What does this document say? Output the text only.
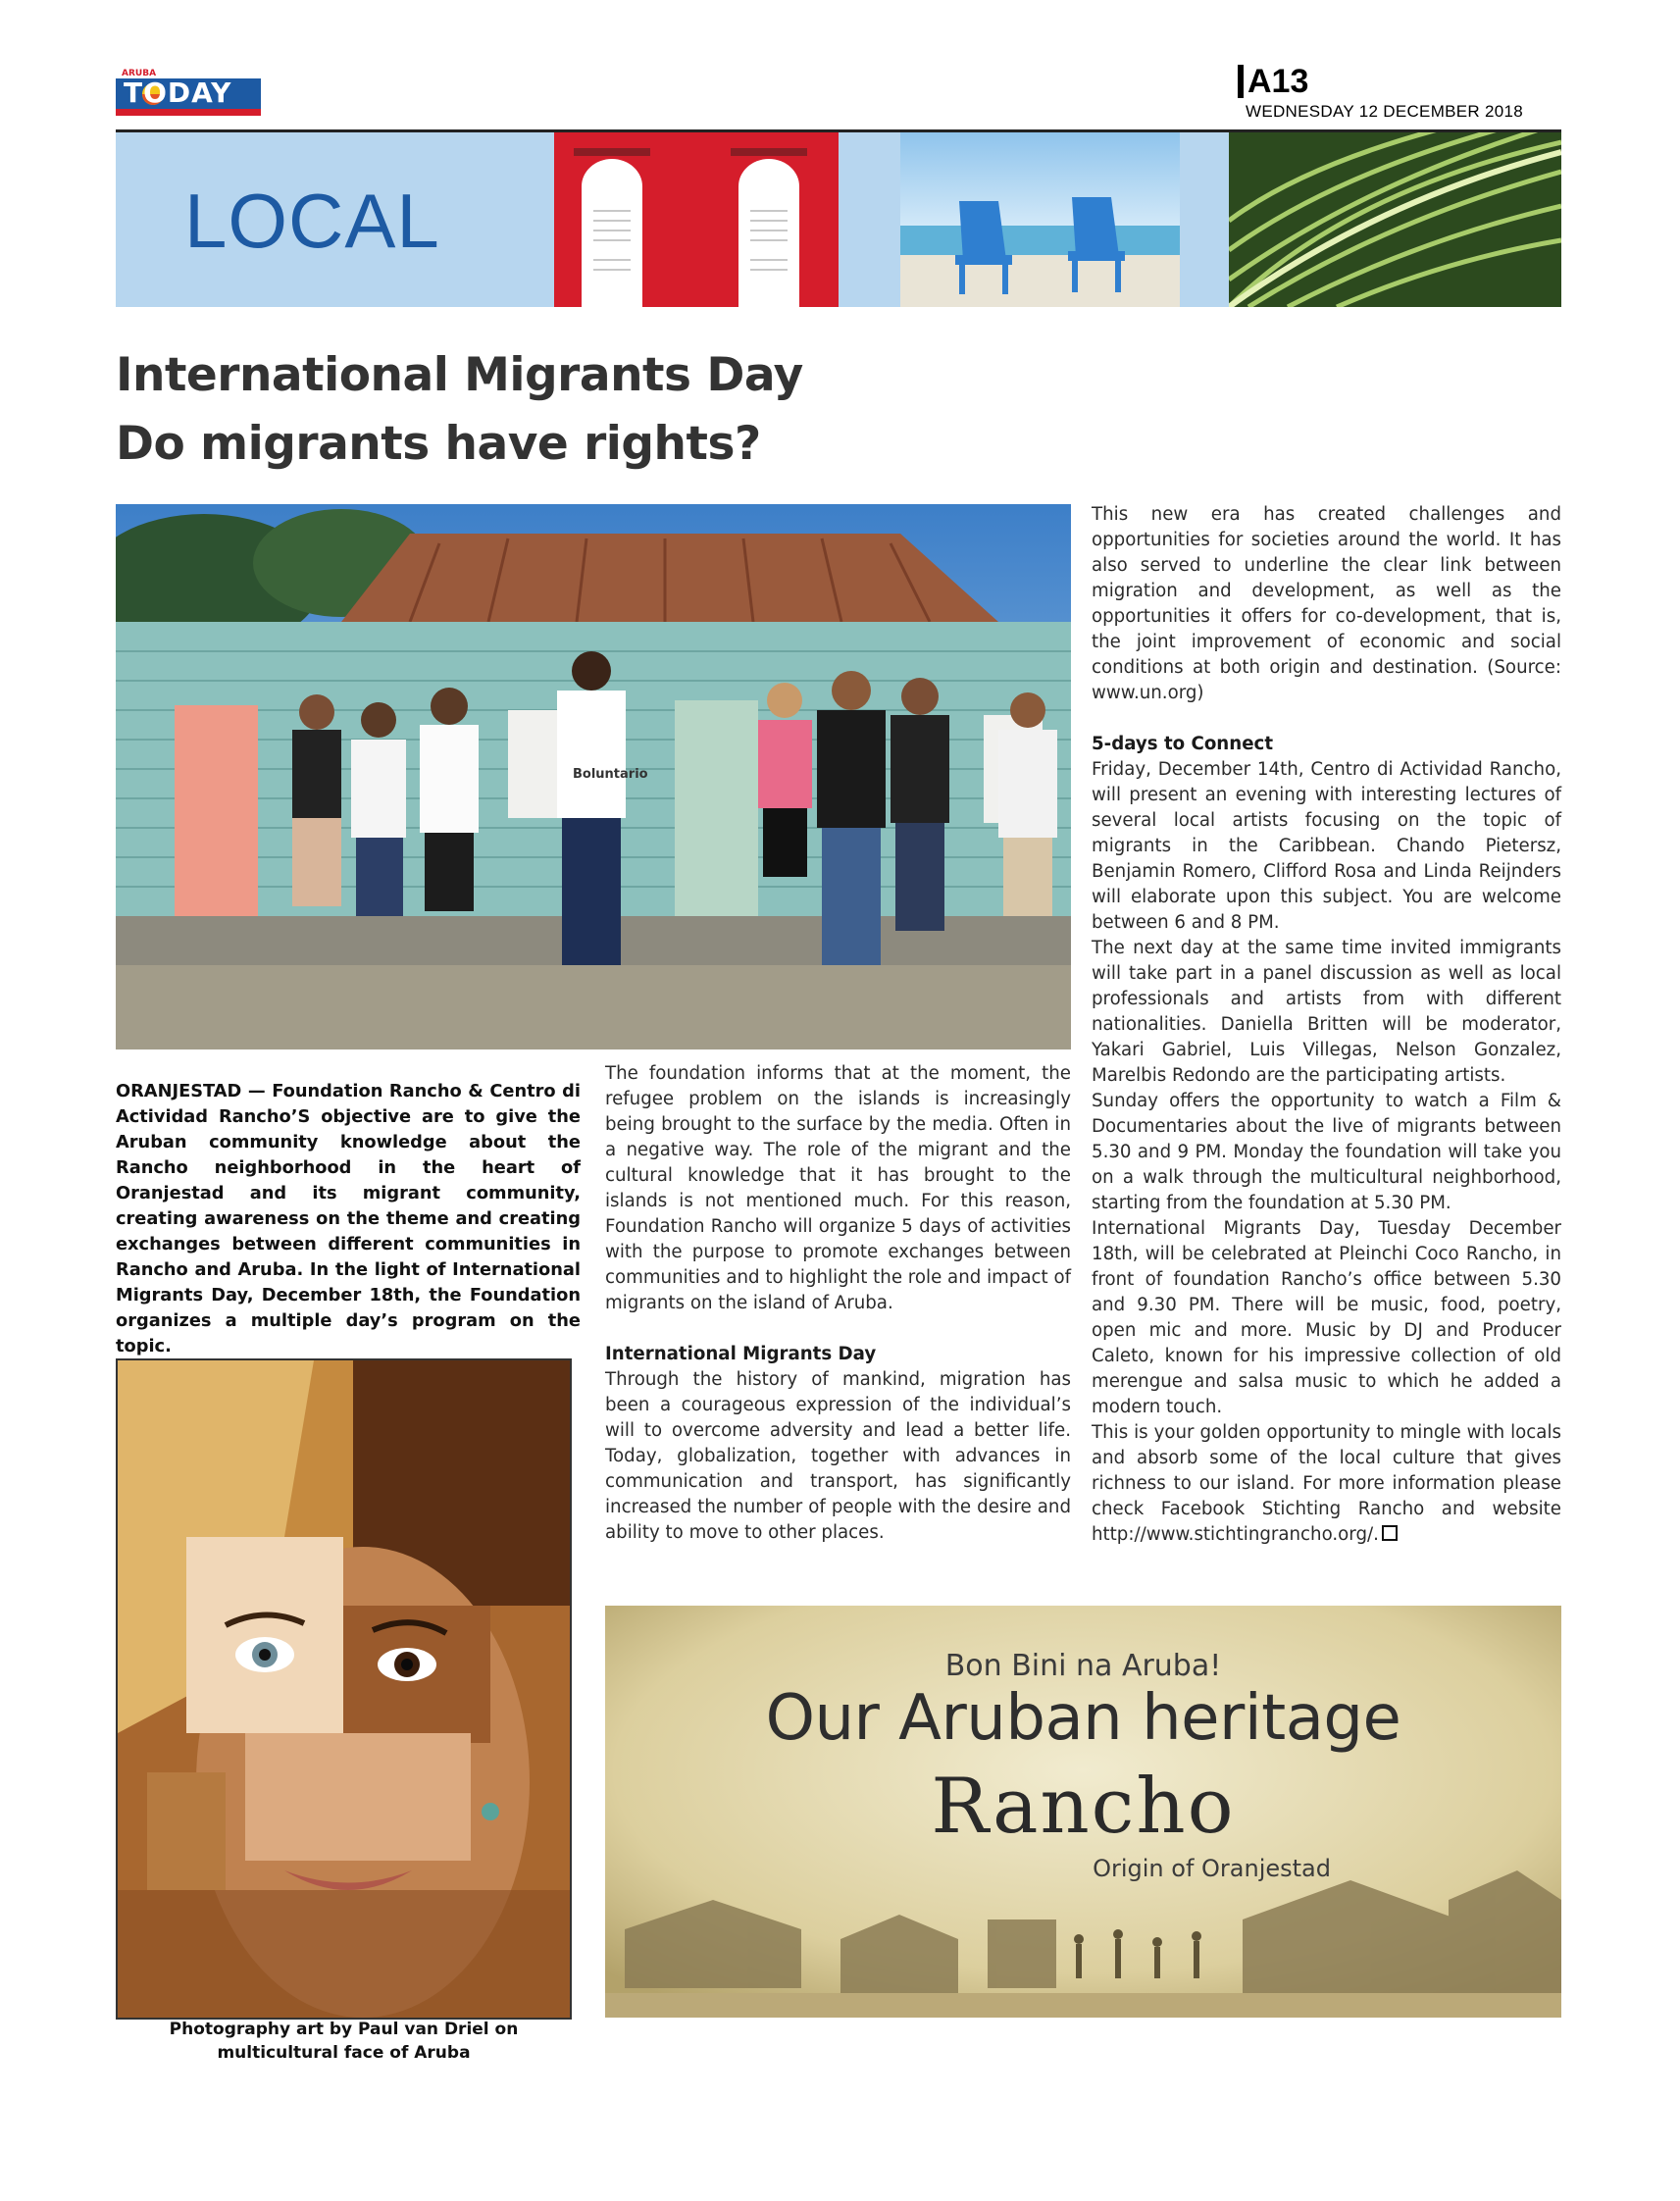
ARUBA
TODAY	A13
WEDNESDAY 12 DECEMBER 2018
LOCAL
International Migrants Day
Do migrants have rights?
Boluntario

ORANJESTAD — Foundation Rancho & Centro di Actividad Rancho’S objective are to give the Aruban community knowledge about the Rancho neighborhood in the heart of Oranjestad and its migrant community, creating awareness on the theme and creating exchanges between different communities in Rancho and Aruba. In the light of International Migrants Day, December 18th, the Foundation organizes a multiple day’s program on the topic.

Photography art by Paul van Driel on multicultural face of Aruba

The foundation informs that at the moment, the refugee problem on the islands is increasingly being brought to the surface by the media. Often in a negative way. The role of the migrant and the cultural knowledge that it has brought to the islands is not mentioned much. For this reason, Foundation Rancho will organize 5 days of activities with the purpose to promote exchanges between communities and to highlight the role and impact of migrants on the island of Aruba.

International Migrants Day

Through the history of mankind, migration has been a courageous expression of the individual’s will to overcome adversity and lead a better life. Today, globalization, together with advances in communication and transport, has significantly increased the number of people with the desire and ability to move to other places.

This new era has created challenges and opportunities for societies around the world. It has also served to underline the clear link between migration and development, as well as the opportunities it offers for co-development, that is, the joint improvement of economic and social conditions at both origin and destination. (Source: www.un.org)

5-days to Connect

Friday, December 14th, Centro di Actividad Rancho, will present an evening with interesting lectures of several local artists focusing on the topic of migrants in the Caribbean. Chando Pietersz, Benjamin Romero, Clifford Rosa and Linda Reijnders will elaborate upon this subject. You are welcome between 6 and 8 PM.

The next day at the same time invited immigrants will take part in a panel discussion as well as local professionals and artists from with different nationalities. Daniella Britten will be moderator, Yakari Gabriel, Luis Villegas, Nelson Gonzalez, Marelbis Redondo are the participating artists.

Sunday offers the opportunity to watch a Film & Documentaries about the live of migrants between 5.30 and 9 PM. Monday the foundation will take you on a walk through the multicultural neighborhood, starting from the foundation at 5.30 PM.

International Migrants Day, Tuesday December 18th, will be celebrated at Pleinchi Coco Rancho, in front of foundation Rancho’s office between 5.30 and 9.30 PM. There will be music, food, poetry, open mic and more. Music by DJ and Producer Caleto, known for his impressive collection of old merengue and salsa music to which he added a modern touch.

This is your golden opportunity to mingle with locals and absorb some of the local culture that gives richness to our island. For more information please check Facebook Stichting Rancho and website http://www.stichtingrancho.org/.

Bon Bini na Aruba!
Our Aruban heritage
Rancho
Origin of Oranjestad
